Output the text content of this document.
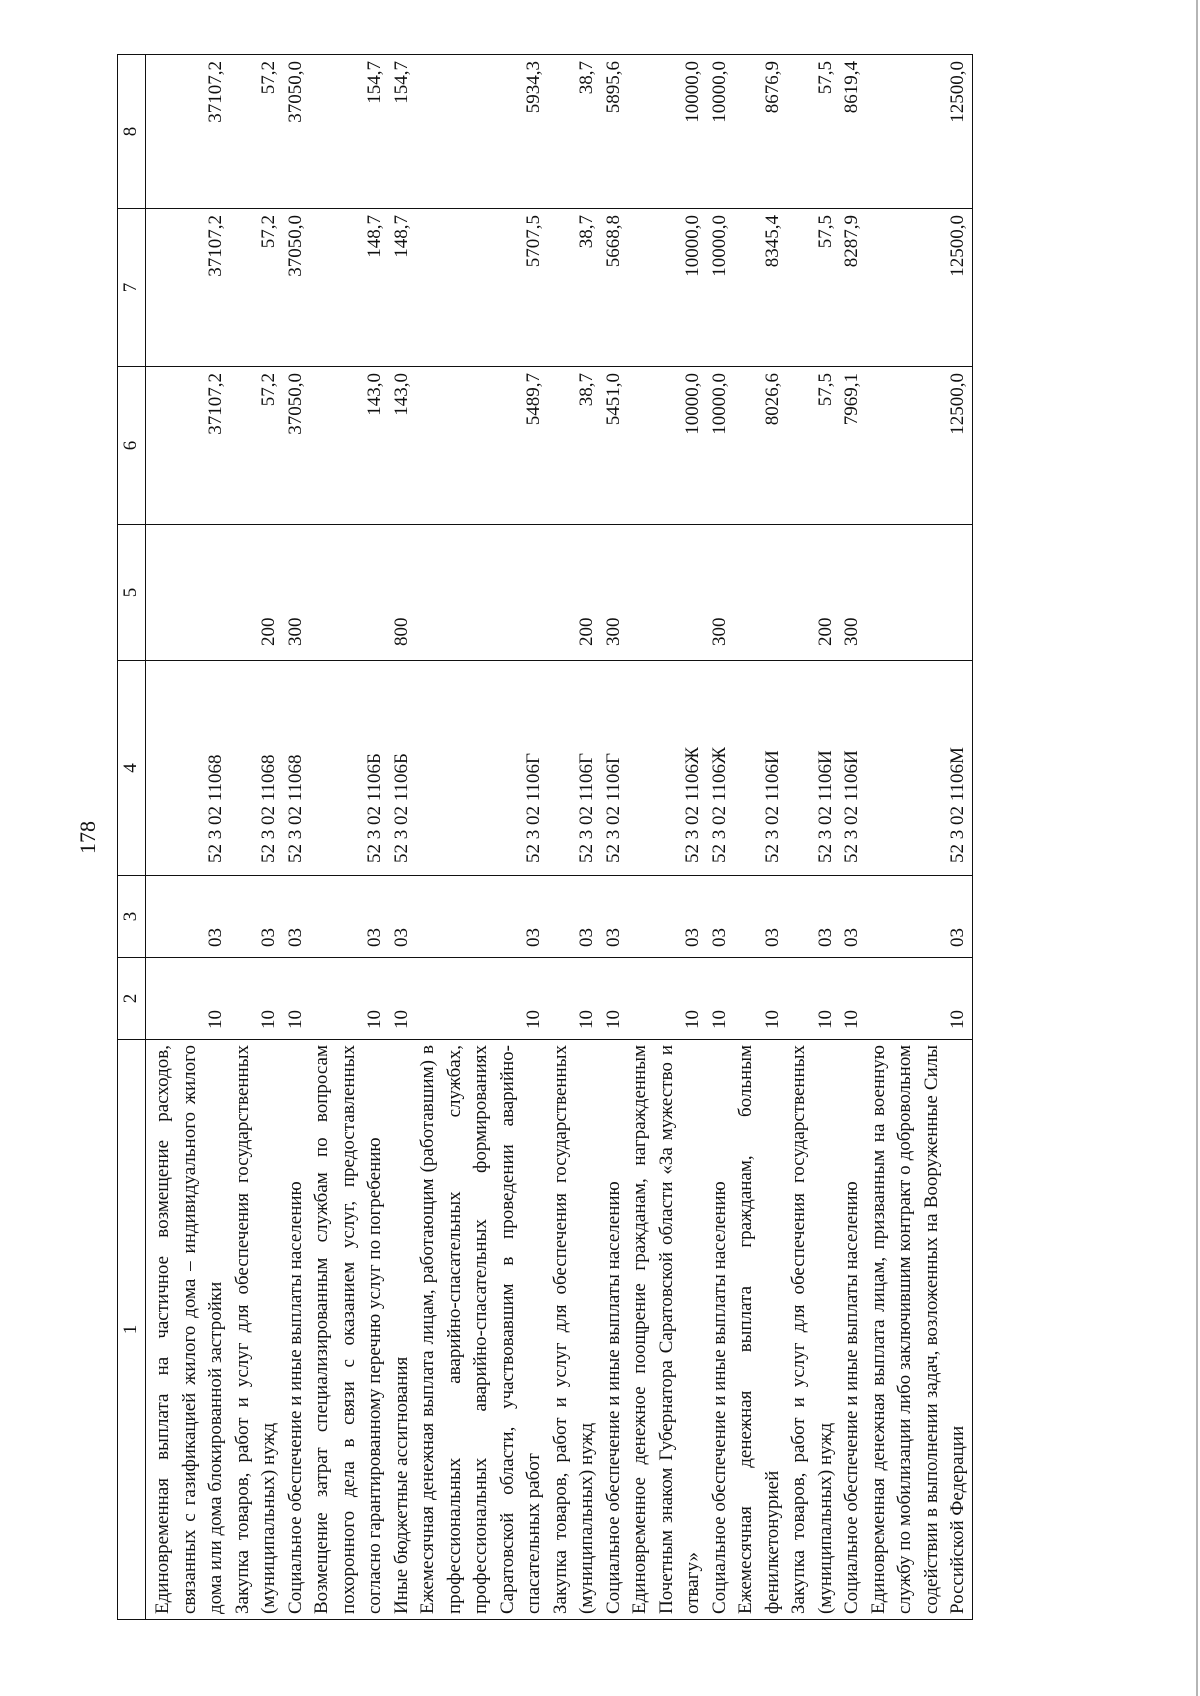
178
1	2	3	4	5	6	7	8
Единовременная выплата на частичное возмещение расходов, связанных с газификацией жилого дома – индивидуального жилого дома или дома блокированной застройки	10	03	52 3 02 11068		37107,2	37107,2	37107,2
Закупка товаров, работ и услуг для обеспечения государственных (муниципальных) нужд	10	03	52 3 02 11068	200	57,2	57,2	57,2
Социальное обеспечение и иные выплаты населению	10	03	52 3 02 11068	300	37050,0	37050,0	37050,0
Возмещение затрат специализированным службам по вопросам похоронного дела в связи с оказанием услуг, предоставленных согласно гарантированному перечню услуг по погребению	10	03	52 3 02 1106Б		143,0	148,7	154,7
Иные бюджетные ассигнования	10	03	52 3 02 1106Б	800	143,0	148,7	154,7
Ежемесячная денежная выплата лицам, работающим (работавшим) в профессиональных аварийно-спасательных службах, профессиональных аварийно-спасательных формированиях Саратовской области, участвовавшим в проведении аварийно-спасательных работ	10	03	52 3 02 1106Г		5489,7	5707,5	5934,3
Закупка товаров, работ и услуг для обеспечения государственных (муниципальных) нужд	10	03	52 3 02 1106Г	200	38,7	38,7	38,7
Социальное обеспечение и иные выплаты населению	10	03	52 3 02 1106Г	300	5451,0	5668,8	5895,6
Единовременное денежное поощрение гражданам, награжденным Почетным знаком Губернатора Саратовской области «За мужество и отвагу»	10	03	52 3 02 1106Ж		10000,0	10000,0	10000,0
Социальное обеспечение и иные выплаты населению	10	03	52 3 02 1106Ж	300	10000,0	10000,0	10000,0
Ежемесячная денежная выплата гражданам, больным фенилкетонурией	10	03	52 3 02 1106И		8026,6	8345,4	8676,9
Закупка товаров, работ и услуг для обеспечения государственных (муниципальных) нужд	10	03	52 3 02 1106И	200	57,5	57,5	57,5
Социальное обеспечение и иные выплаты населению	10	03	52 3 02 1106И	300	7969,1	8287,9	8619,4
Единовременная денежная выплата лицам, призванным на военную службу по мобилизации либо заключившим контракт о добровольном содействии в выполнении задач, возложенных на Вооруженные Силы Российской Федерации	10	03	52 3 02 1106М		12500,0	12500,0	12500,0
